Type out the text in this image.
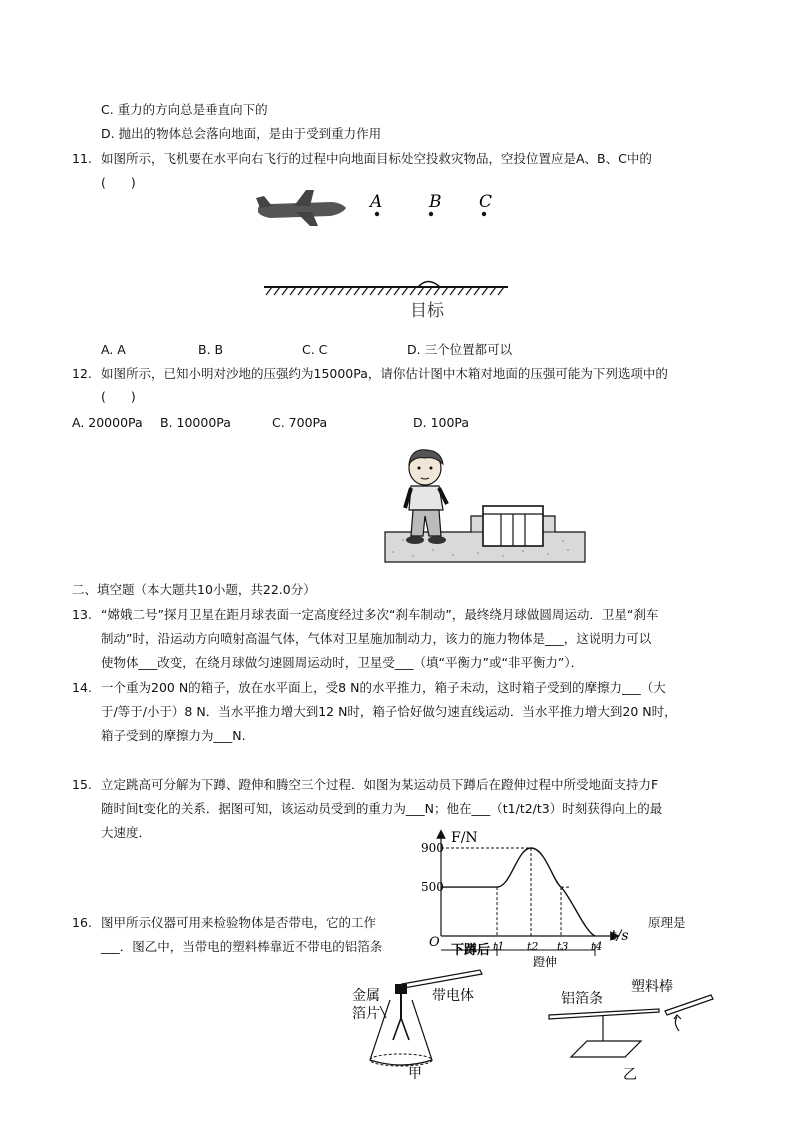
C. 重力的方向总是垂直向下的
D. 抛出的物体总会落向地面，是由于受到重力作用
11. 如图所示，飞机要在水平向右飞行的过程中向地面目标处空投救灾物品，空投位置应是A、B、C中的
(　　)
A	B C
目标
A. A	B. B	C. C	D. 三个位置都可以
12. 如图所示，已知小明对沙地的压强约为15000Pa，请你估计图中木箱对地面的压强可能为下列选项中的
(　　)
A. 20000Pa B. 10000Pa	C. 700Pa	D. 100Pa
二、填空题（本大题共10小题，共22.0分）
13. “嫦娥二号”探月卫星在距月球表面一定高度经过多次“刹车制动”，最终绕月球做圆周运动．卫星“刹车
制动”时，沿运动方向喷射高温气体，气体对卫星施加制动力，该力的施力物体是___，这说明力可以
使物体___改变，在绕月球做匀速圆周运动时，卫星受___（填“平衡力”或“非平衡力”）．
14. 一个重为200 N的箱子，放在水平面上，受8 N的水平推力，箱子未动，这时箱子受到的摩擦力___（大
于/等于/小于）8 N．当水平推力增大到12 N时，箱子恰好做匀速直线运动．当水平推力增大到20 N时，
箱子受到的摩擦力为___N.
15. 立定跳高可分解为下蹲、蹬伸和腾空三个过程．如图为某运动员下蹲后在蹬伸过程中所受地面支持力F
随时间t变化的关系．据图可知，该运动员受到的重力为___N；他在___（t1/t2/t3）时刻获得向上的最
大速度．	F/N
t/s
O
500
900
t1 t2 t3 t4
下蹲后
蹬伸
16. 图甲所示仪器可用来检验物体是否带电，它的工作	原理是
___．图乙中，当带电的塑料棒靠近不带电的铝箔条
金属
箔片
带电体
甲
铝箔条
塑料棒
乙
